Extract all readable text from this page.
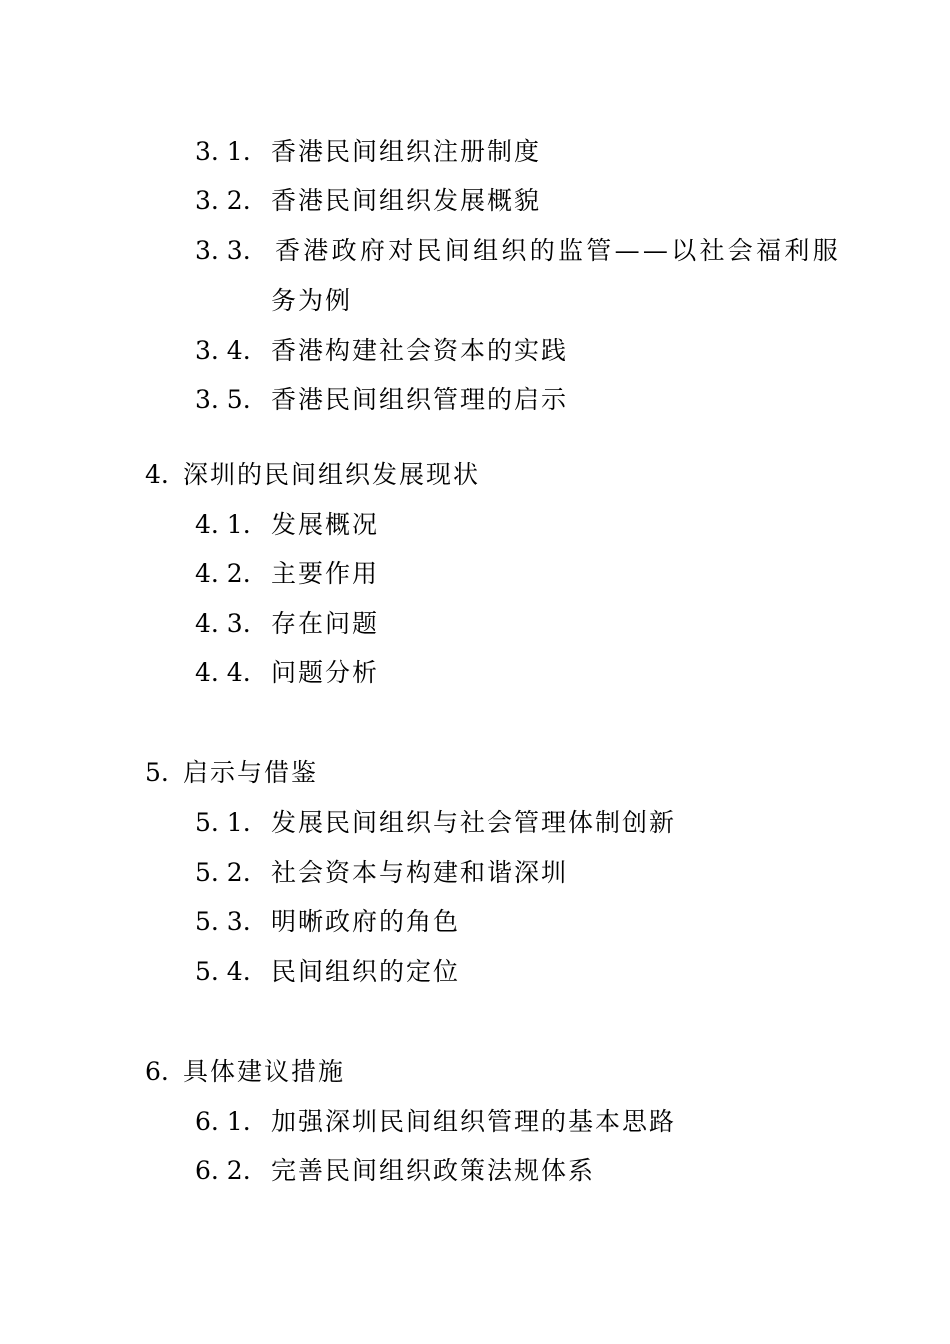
3. 1. 香港民间组织注册制度
3. 2. 香港民间组织发展概貌
3. 3. 香港政府对民间组织的监管——以社会福利服
务为例
3. 4. 香港构建社会资本的实践
3. 5. 香港民间组织管理的启示
4. 深圳的民间组织发展现状
4. 1. 发展概况
4. 2. 主要作用
4. 3. 存在问题
4. 4. 问题分析
5. 启示与借鉴
5. 1. 发展民间组织与社会管理体制创新
5. 2. 社会资本与构建和谐深圳
5. 3. 明晰政府的角色
5. 4. 民间组织的定位
6. 具体建议措施
6. 1. 加强深圳民间组织管理的基本思路
6. 2. 完善民间组织政策法规体系
